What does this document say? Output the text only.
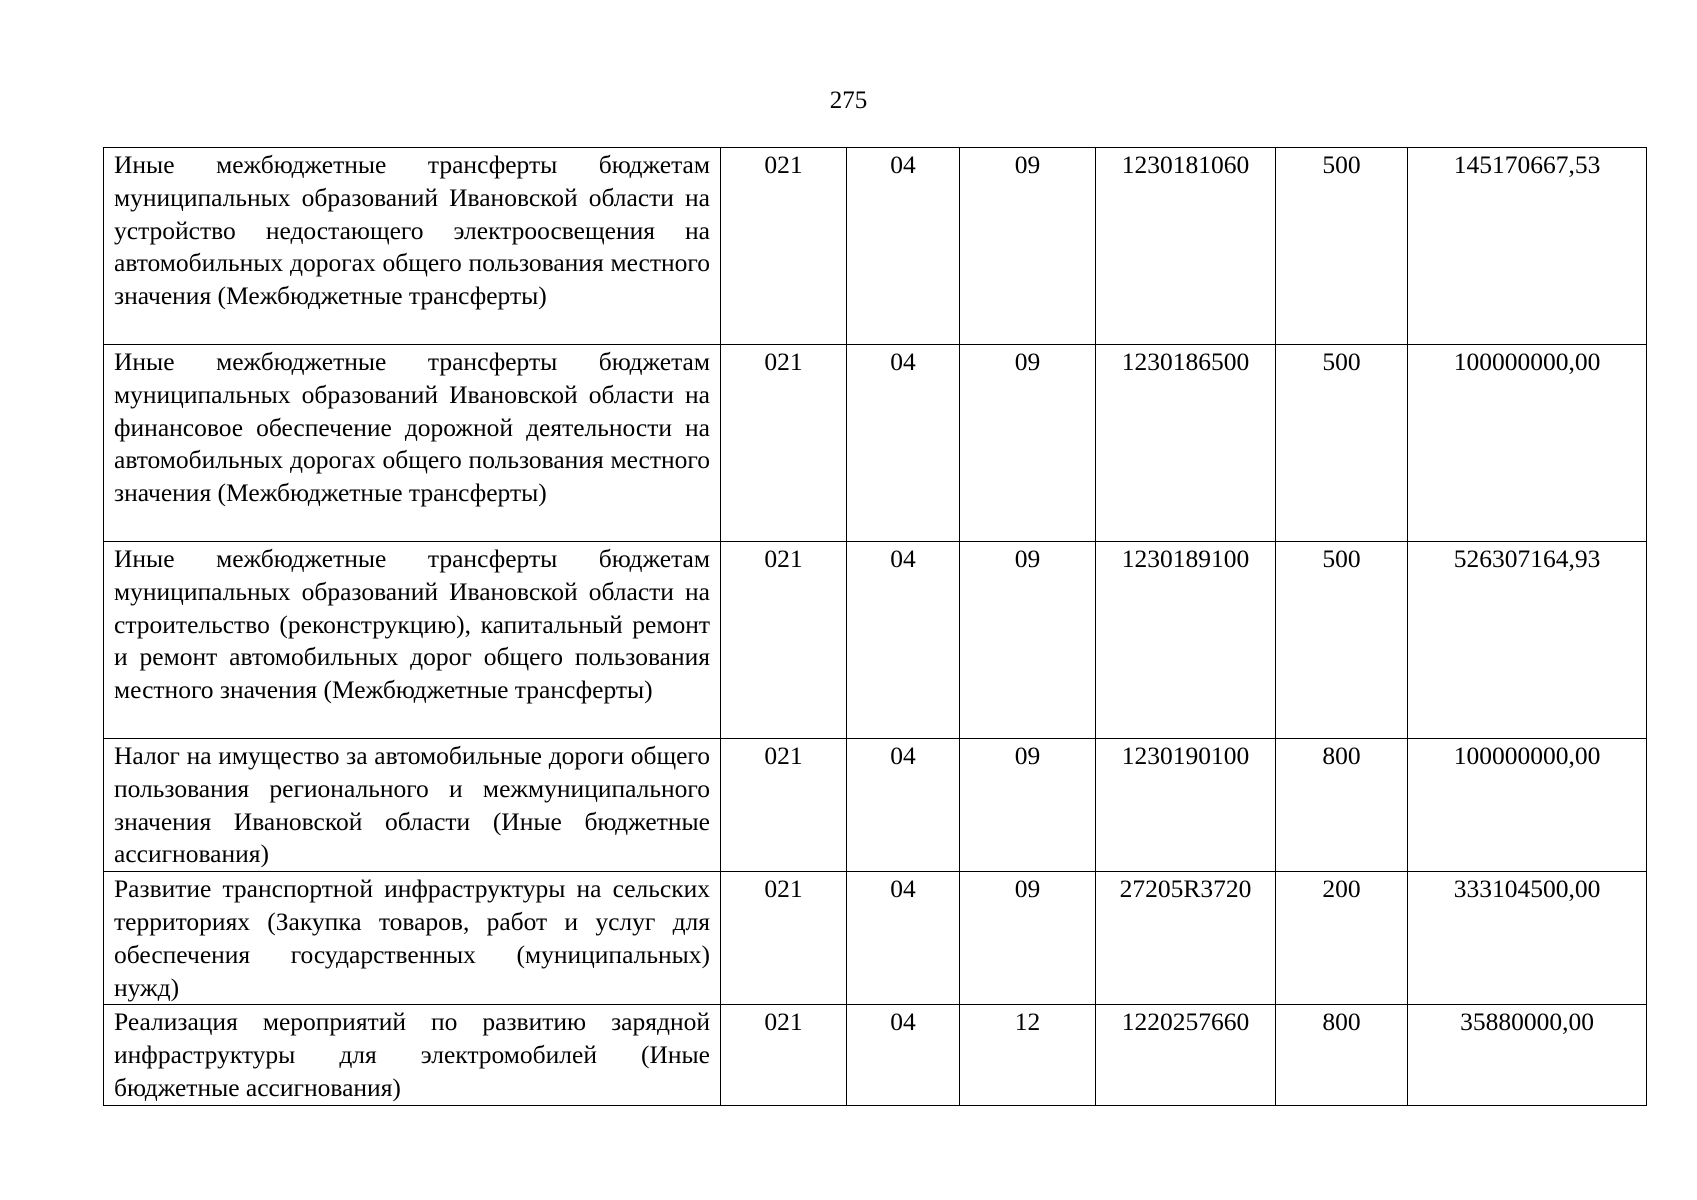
275
Иные межбюджетные трансферты бюджетам муниципальных образований Ивановской области на устройство недостающего электроосвещения на автомобильных дорогах общего пользования местного значения (Межбюджетные трансферты)	021	04	09	1230181060	500	145170667,53
Иные межбюджетные трансферты бюджетам муниципальных образований Ивановской области на финансовое обеспечение дорожной деятельности на автомобильных дорогах общего пользования местного значения (Межбюджетные трансферты)	021	04	09	1230186500	500	100000000,00
Иные межбюджетные трансферты бюджетам муниципальных образований Ивановской области на строительство (реконструкцию), капитальный ремонт и ремонт автомобильных дорог общего пользования местного значения (Межбюджетные трансферты)	021	04	09	1230189100	500	526307164,93
Налог на имущество за автомобильные дороги общего пользования регионального и межмуниципального значения Ивановской области (Иные бюджетные ассигнования)	021	04	09	1230190100	800	100000000,00
Развитие транспортной инфраструктуры на сельских территориях (Закупка товаров, работ и услуг для обеспечения государственных (муниципальных) нужд)	021	04	09	27205R3720	200	333104500,00
Реализация мероприятий по развитию зарядной инфраструктуры для электромобилей (Иные бюджетные ассигнования)	021	04	12	1220257660	800	35880000,00
